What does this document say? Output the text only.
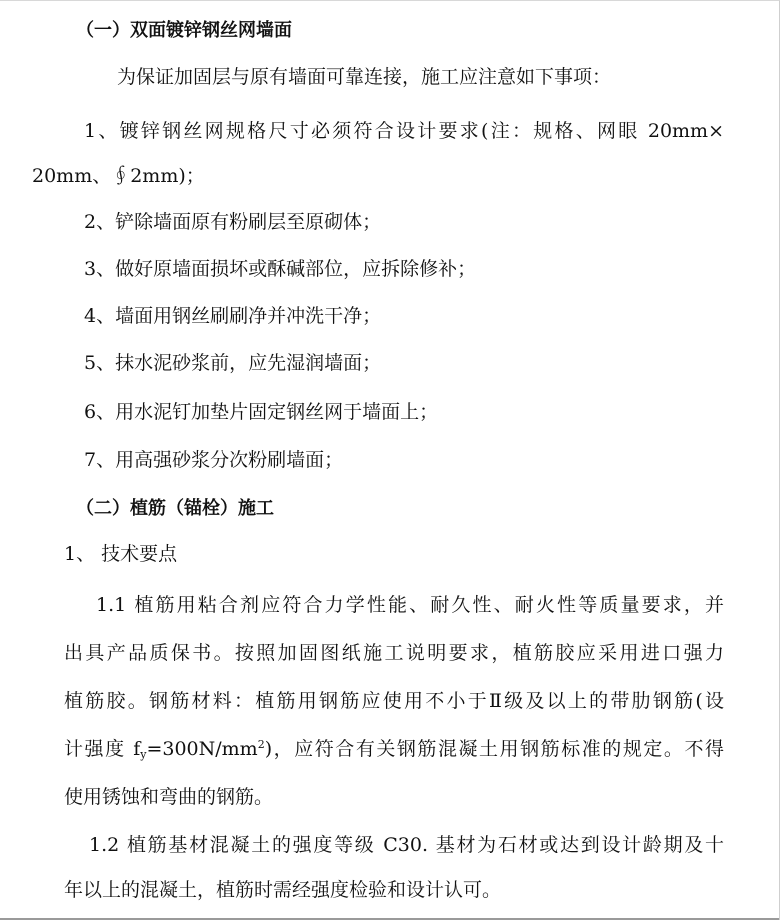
（一）双面镀锌钢丝网墙面
为保证加固层与原有墙面可靠连接，施工应注意如下事项：
1、镀锌钢丝网规格尺寸必须符合设计要求(注：规格、网眼 20mm×
20mm、∮2mm)；
2、铲除墙面原有粉刷层至原砌体；
3、做好原墙面损坏或酥碱部位，应拆除修补；
4、墙面用钢丝刷刷净并冲洗干净；
5、抹水泥砂浆前，应先湿润墙面；
6、用水泥钉加垫片固定钢丝网于墙面上；
7、用高强砂浆分次粉刷墙面；
（二）植筋（锚栓）施工
1、 技术要点
1.1 植筋用粘合剂应符合力学性能、耐久性、耐火性等质量要求，并
出具产品质保书。按照加固图纸施工说明要求，植筋胶应采用进口强力
植筋胶。钢筋材料：植筋用钢筋应使用不小于Ⅱ级及以上的带肋钢筋(设
计强度 $f_y=300N/mm^2$)，应符合有关钢筋混凝土用钢筋标准的规定。不得
使用锈蚀和弯曲的钢筋。
1.2 植筋基材混凝土的强度等级 C30. 基材为石材或达到设计龄期及十
年以上的混凝土，植筋时需经强度检验和设计认可。
